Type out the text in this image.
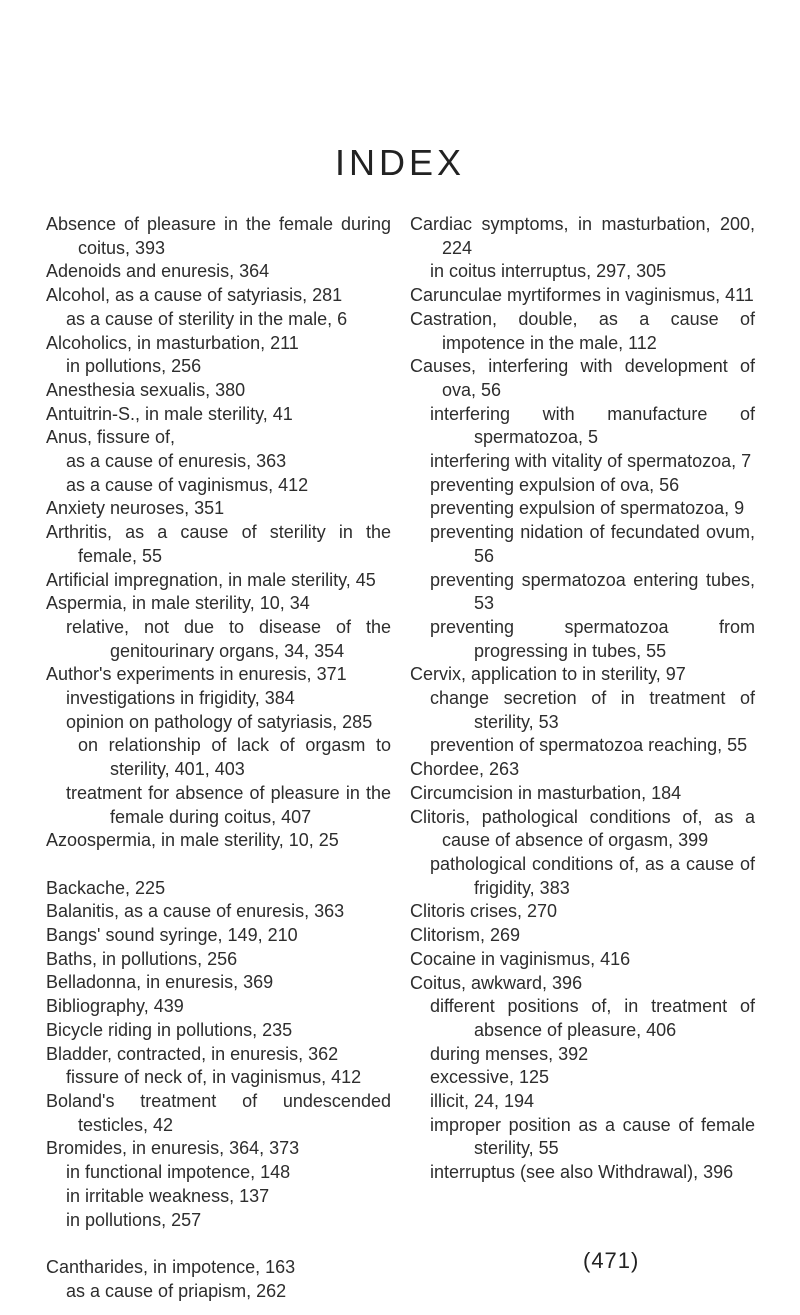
INDEX

Absence of pleasure in the female during coitus, 393

Adenoids and enuresis, 364

Alcohol, as a cause of satyriasis, 281

as a cause of sterility in the male, 6

Alcoholics, in masturbation, 211

in pollutions, 256

Anesthesia sexualis, 380

Antuitrin-S., in male sterility, 41

Anus, fissure of,

as a cause of enuresis, 363

as a cause of vaginismus, 412

Anxiety neuroses, 351

Arthritis, as a cause of sterility in the female, 55

Artificial impregnation, in male sterility, 45

Aspermia, in male sterility, 10, 34

relative, not due to disease of the genitourinary organs, 34, 354

Author's experiments in enuresis, 371

investigations in frigidity, 384

opinion on pathology of satyriasis, 285

on relationship of lack of orgasm to sterility, 401, 403

treatment for absence of pleasure in the female during coitus, 407

Azoospermia, in male sterility, 10, 25

Backache, 225

Balanitis, as a cause of enuresis, 363

Bangs' sound syringe, 149, 210

Baths, in pollutions, 256

Belladonna, in enuresis, 369

Bibliography, 439

Bicycle riding in pollutions, 235

Bladder, contracted, in enuresis, 362

fissure of neck of, in vaginismus, 412

Boland's treatment of undescended testicles, 42

Bromides, in enuresis, 364, 373

in functional impotence, 148

in irritable weakness, 137

in pollutions, 257

Cantharides, in impotence, 163

as a cause of priapism, 262

Cardiac symptoms, in masturbation, 200, 224

in coitus interruptus, 297, 305

Carunculae myrtiformes in vaginismus, 411

Castration, double, as a cause of impotence in the male, 112

Causes, interfering with development of ova, 56

interfering with manufacture of spermatozoa, 5

interfering with vitality of spermatozoa, 7

preventing expulsion of ova, 56

preventing expulsion of spermatozoa, 9

preventing nidation of fecundated ovum, 56

preventing spermatozoa entering tubes, 53

preventing spermatozoa from progressing in tubes, 55

Cervix, application to in sterility, 97

change secretion of in treatment of sterility, 53

prevention of spermatozoa reaching, 55

Chordee, 263

Circumcision in masturbation, 184

Clitoris, pathological conditions of, as a cause of absence of orgasm, 399

pathological conditions of, as a cause of frigidity, 383

Clitoris crises, 270

Clitorism, 269

Cocaine in vaginismus, 416

Coitus, awkward, 396

different positions of, in treatment of absence of pleasure, 406

during menses, 392

excessive, 125

illicit, 24, 194

improper position as a cause of female sterility, 55

interruptus (see also Withdrawal), 396

(471)
